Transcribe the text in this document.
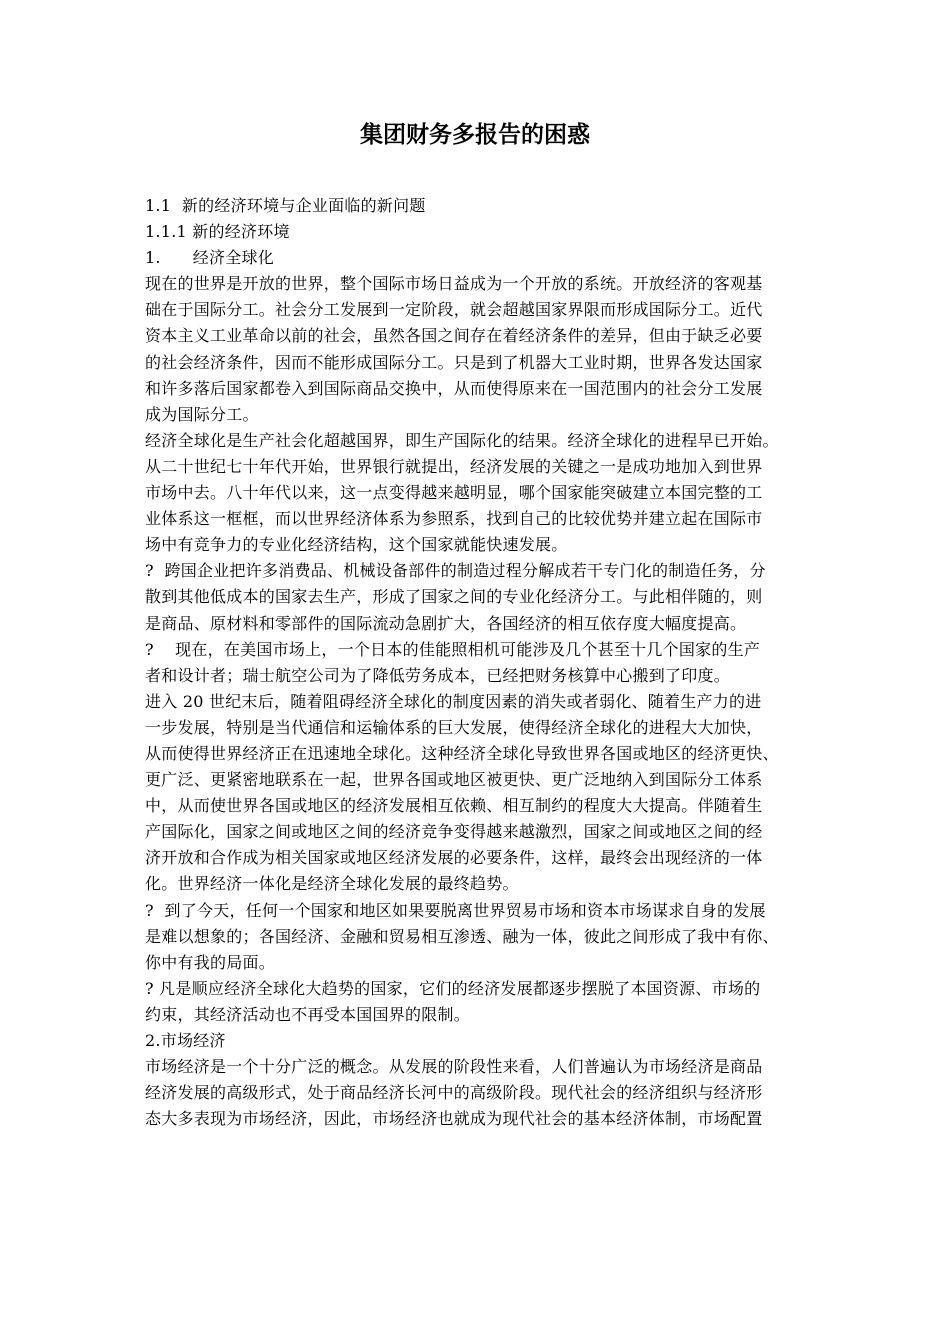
集团财务多报告的困惑
1.1  新的经济环境与企业面临的新问题
1.1.1 新的经济环境
1.      经济全球化
现在的世界是开放的世界，整个国际市场日益成为一个开放的系统。开放经济的客观基
础在于国际分工。社会分工发展到一定阶段，就会超越国家界限而形成国际分工。近代
资本主义工业革命以前的社会，虽然各国之间存在着经济条件的差异，但由于缺乏必要
的社会经济条件，因而不能形成国际分工。只是到了机器大工业时期，世界各发达国家
和许多落后国家都卷入到国际商品交换中，从而使得原来在一国范围内的社会分工发展
成为国际分工。
经济全球化是生产社会化超越国界，即生产国际化的结果。经济全球化的进程早已开始。
从二十世纪七十年代开始，世界银行就提出，经济发展的关键之一是成功地加入到世界
市场中去。八十年代以来，这一点变得越来越明显，哪个国家能突破建立本国完整的工
业体系这一框框，而以世界经济体系为参照系，找到自己的比较优势并建立起在国际市
场中有竞争力的专业化经济结构，这个国家就能快速发展。
?  跨国企业把许多消费品、机械设备部件的制造过程分解成若干专门化的制造任务，分
散到其他低成本的国家去生产，形成了国家之间的专业化经济分工。与此相伴随的，则
是商品、原材料和零部件的国际流动急剧扩大，各国经济的相互依存度大幅度提高。
?    现在，在美国市场上，一个日本的佳能照相机可能涉及几个甚至十几个国家的生产
者和设计者；瑞士航空公司为了降低劳务成本，已经把财务核算中心搬到了印度。
进入 20 世纪末后，随着阻碍经济全球化的制度因素的消失或者弱化、随着生产力的进
一步发展，特别是当代通信和运输体系的巨大发展，使得经济全球化的进程大大加快，
从而使得世界经济正在迅速地全球化。这种经济全球化导致世界各国或地区的经济更快、
更广泛、更紧密地联系在一起，世界各国或地区被更快、更广泛地纳入到国际分工体系
中，从而使世界各国或地区的经济发展相互依赖、相互制约的程度大大提高。伴随着生
产国际化，国家之间或地区之间的经济竞争变得越来越激烈，国家之间或地区之间的经
济开放和合作成为相关国家或地区经济发展的必要条件，这样，最终会出现经济的一体
化。世界经济一体化是经济全球化发展的最终趋势。
?  到了今天，任何一个国家和地区如果要脱离世界贸易市场和资本市场谋求自身的发展
是难以想象的；各国经济、金融和贸易相互渗透、融为一体，彼此之间形成了我中有你、
你中有我的局面。
? 凡是顺应经济全球化大趋势的国家，它们的经济发展都逐步摆脱了本国资源、市场的
约束，其经济活动也不再受本国国界的限制。
2.市场经济
市场经济是一个十分广泛的概念。从发展的阶段性来看，人们普遍认为市场经济是商品
经济发展的高级形式，处于商品经济长河中的高级阶段。现代社会的经济组织与经济形
态大多表现为市场经济，因此，市场经济也就成为现代社会的基本经济体制，市场配置
